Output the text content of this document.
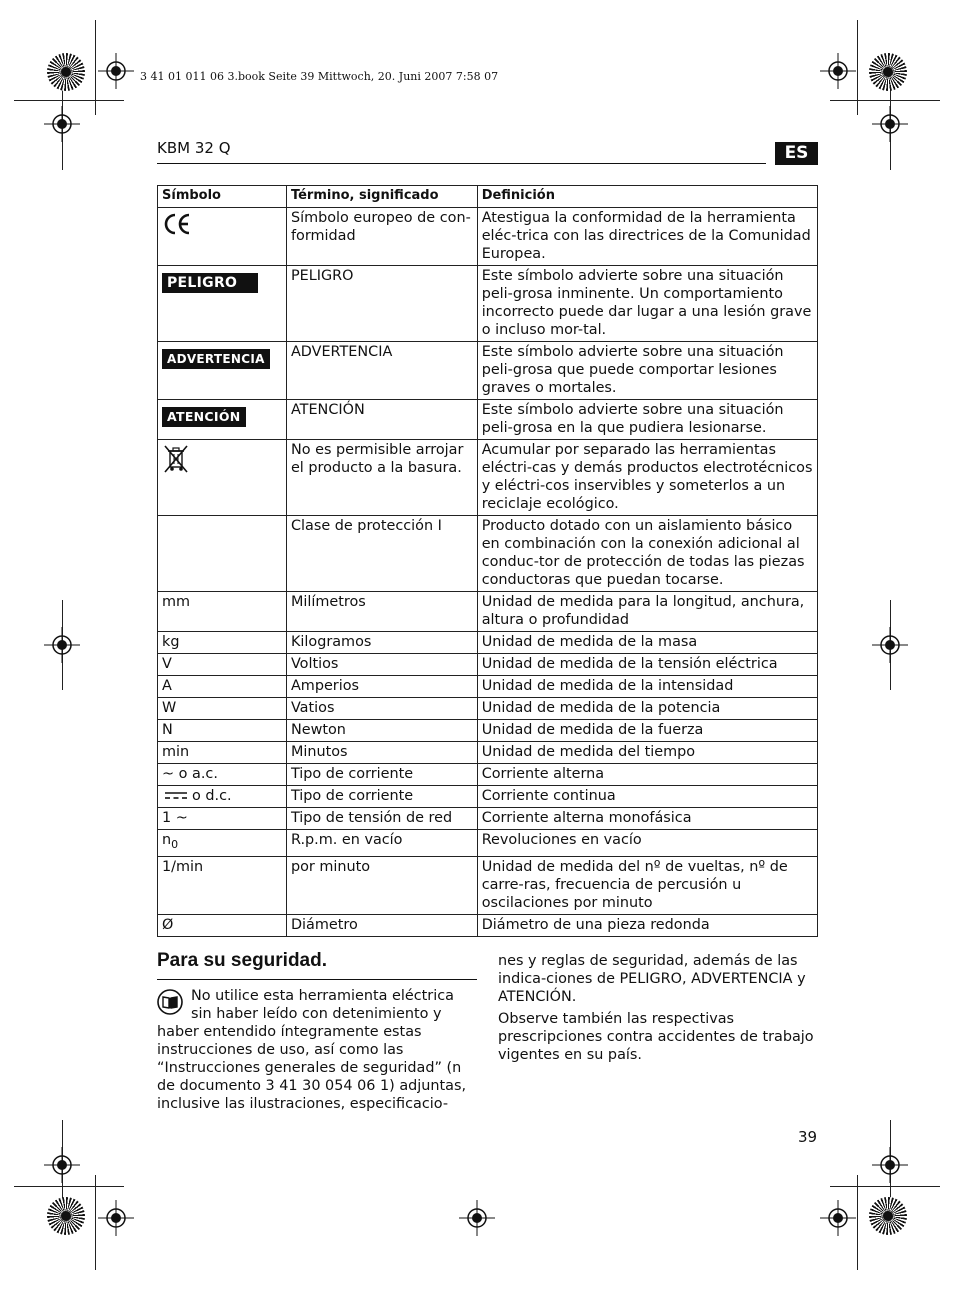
3 41 01 011 06 3.book Seite 39 Mittwoch, 20. Juni 2007 7:58 07
KBM 32 Q	ES
Símbolo	Término, significado	Definición
	Símbolo europeo de con-formidad	Atestigua la conformidad de la herramienta eléc-trica con las directrices de la Comunidad Europea.
PELIGRO	PELIGRO	Este símbolo advierte sobre una situación peli-grosa inminente. Un comportamiento incorrecto puede dar lugar a una lesión grave o incluso mor-tal.
ADVERTENCIA	ADVERTENCIA	Este símbolo advierte sobre una situación peli-grosa que puede comportar lesiones graves o mortales.
ATENCIÓN	ATENCIÓN	Este símbolo advierte sobre una situación peli-grosa en la que pudiera lesionarse.
	No es permisible arrojar el producto a la basura.	Acumular por separado las herramientas eléctri-cas y demás productos electrotécnicos y eléctri-cos inservibles y someterlos a un reciclaje ecológico.
	Clase de protección I	Producto dotado con un aislamiento básico en combinación con la conexión adicional al conduc-tor de protección de todas las piezas conductoras que puedan tocarse.
mm	Milímetros	Unidad de medida para la longitud, anchura, altura o profundidad
kg	Kilogramos	Unidad de medida de la masa
V	Voltios	Unidad de medida de la tensión eléctrica
A	Amperios	Unidad de medida de la intensidad
W	Vatios	Unidad de medida de la potencia
N	Newton	Unidad de medida de la fuerza
min	Minutos	Unidad de medida del tiempo
~ o a.c.	Tipo de corriente	Corriente alterna
o d.c.	Tipo de corriente	Corriente continua
1 ~	Tipo de tensión de red	Corriente alterna monofásica
$n_0$	R.p.m. en vacío	Revoluciones en vacío
1/min	por minuto	Unidad de medida del nº de vueltas, nº de carre-ras, frecuencia de percusión u oscilaciones por minuto
Ø	Diámetro	Diámetro de una pieza redonda
Para su seguridad.
No utilice esta herramienta eléctrica sin haber leído con detenimiento y haber entendido íntegramente estas instrucciones de uso, así como las “Instrucciones generales de seguridad” (n de documento 3 41 30 054 06 1) adjuntas, inclusive las ilustraciones, especificacio-

nes y reglas de seguridad, además de las indica-ciones de PELIGRO, ADVERTENCIA y ATENCIÓN.

Observe también las respectivas prescripciones contra accidentes de trabajo vigentes en su país.

39
